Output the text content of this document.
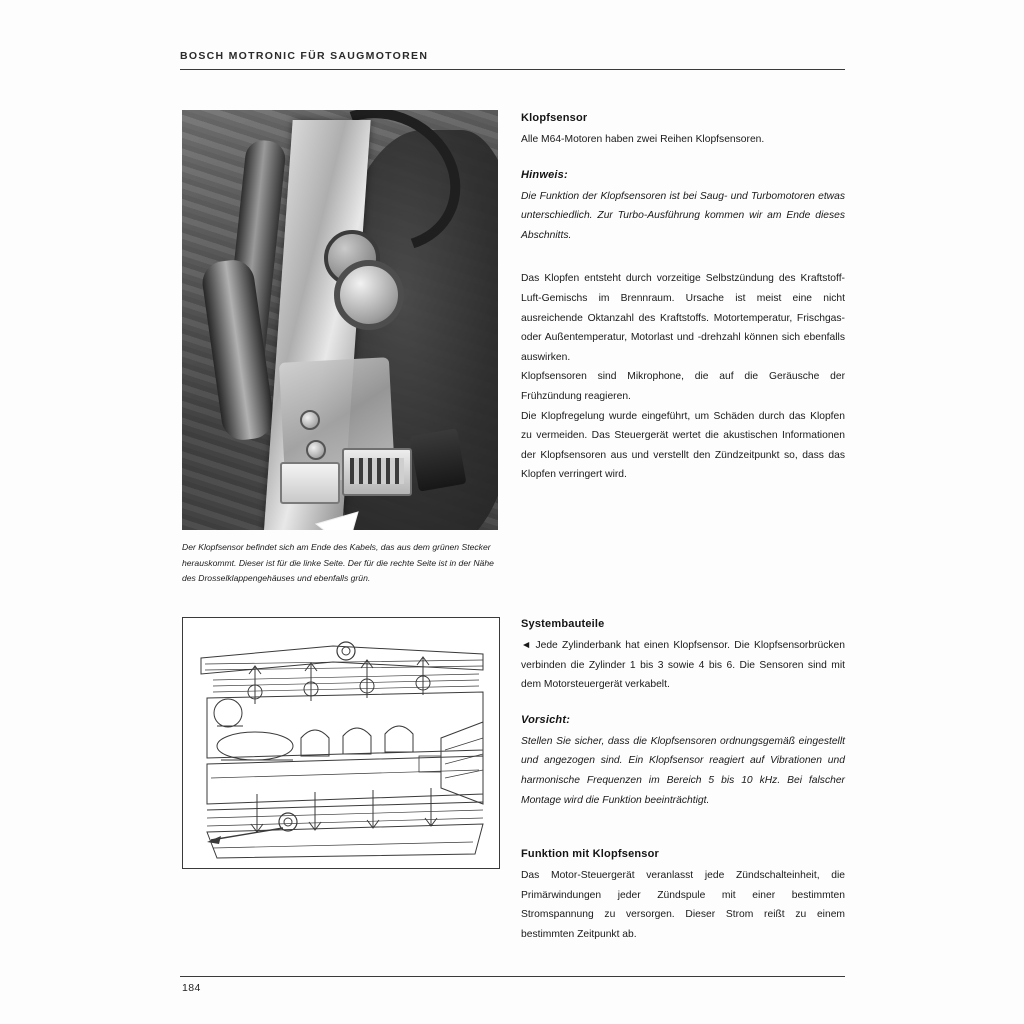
BOSCH MOTRONIC FÜR SAUGMOTOREN
Der Klopfsensor befindet sich am Ende des Kabels, das aus dem grünen Stecker herauskommt. Dieser ist für die linke Seite. Der für die rechte Seite ist in der Nähe des Drosselklappengehäuses und ebenfalls grün.
Klopfsensor

Alle M64-Motoren haben zwei Reihen Klopfsensoren.

Hinweis:

Die Funktion der Klopfsensoren ist bei Saug- und Turbomotoren etwas unterschiedlich. Zur Turbo-Ausführung kommen wir am Ende dieses Abschnitts.

Das Klopfen entsteht durch vorzeitige Selbstzündung des Kraftstoff-Luft-Gemischs im Brennraum. Ursache ist meist eine nicht ausreichende Oktanzahl des Kraftstoffs. Motortemperatur, Frischgas- oder Außentemperatur, Motorlast und -drehzahl können sich ebenfalls auswirken.

Klopfsensoren sind Mikrophone, die auf die Geräusche der Frühzündung reagieren.

Die Klopfregelung wurde eingeführt, um Schäden durch das Klopfen zu vermeiden. Das Steuergerät wertet die akustischen Informationen der Klopfsensoren aus und verstellt den Zündzeitpunkt so, dass das Klopfen verringert wird.

Systembauteile

◄ Jede Zylinderbank hat einen Klopfsensor. Die Klopfsensorbrücken verbinden die Zylinder 1 bis 3 sowie 4 bis 6. Die Sensoren sind mit dem Motorsteuergerät verkabelt.

Vorsicht:

Stellen Sie sicher, dass die Klopfsensoren ordnungsgemäß eingestellt und angezogen sind. Ein Klopfsensor reagiert auf Vibrationen und harmonische Frequenzen im Bereich 5 bis 10 kHz. Bei falscher Montage wird die Funktion beeinträchtigt.

Funktion mit Klopfsensor

Das Motor-Steuergerät veranlasst jede Zündschalteinheit, die Primärwindungen jeder Zündspule mit einer bestimmten Stromspannung zu versorgen. Dieser Strom reißt zu einem bestimmten Zeitpunkt ab.

184
